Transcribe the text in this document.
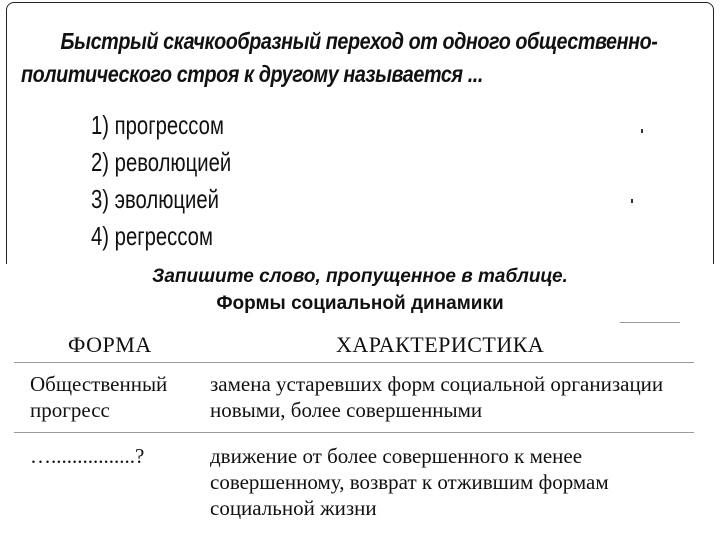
Быстрый скачкообразный переход от одного общественно-политического строя к другому называется ...
1) прогрессом
2) революцией
3) эволюцией
4) регрессом
Запишите слово, пропущенное в таблице.
Формы социальной динамики
ФОРМА	ХАРАКТЕРИСТИКА
Общественный прогресс
замена устаревших форм социальной организации новыми, более совершенными
…................?	движение от более совершенного к менее совершенному, возврат к отжившим формам социальной жизни
